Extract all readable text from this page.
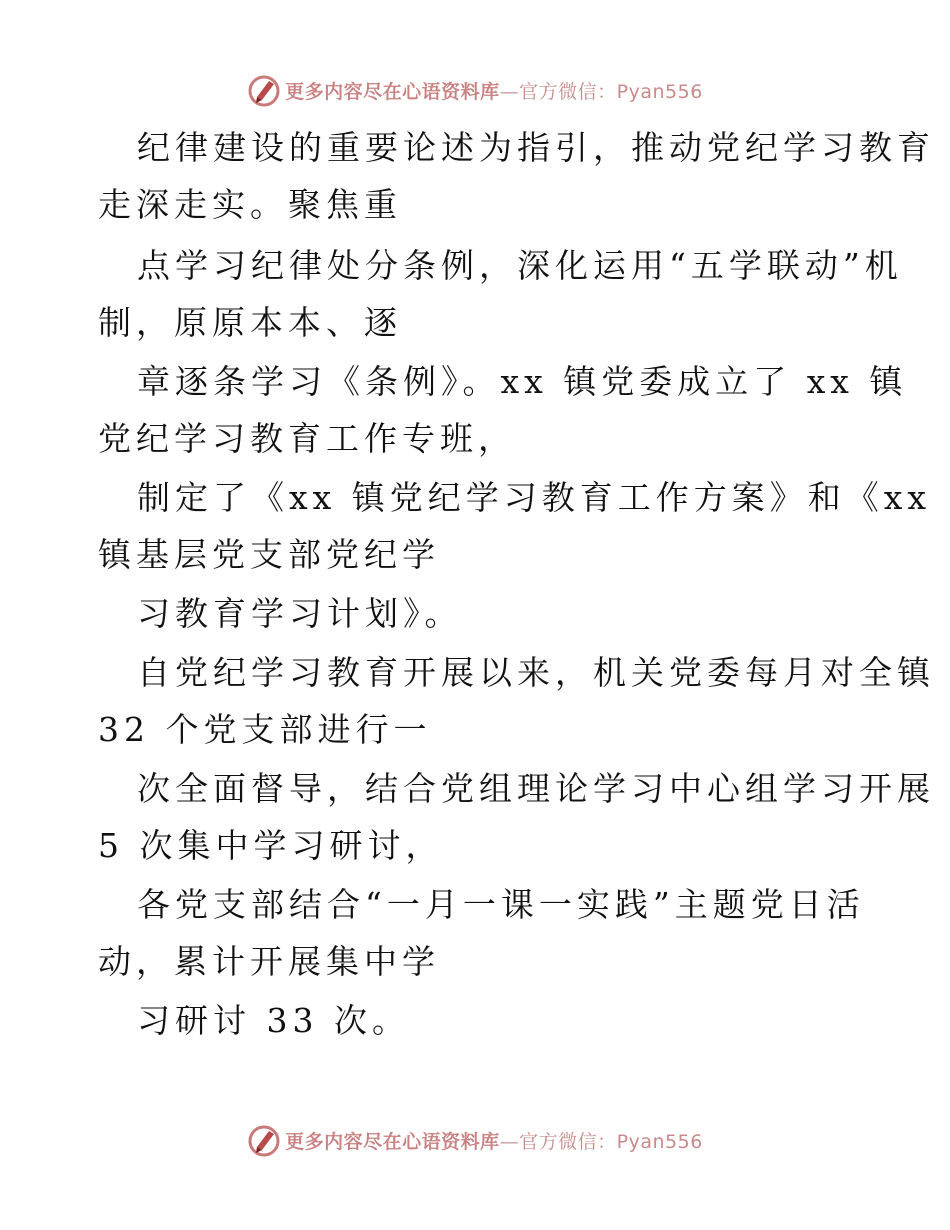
更多内容尽在心语资料库—官方微信：Pyan556
纪律建设的重要论述为指引，推动党纪学习教育
走深走实。聚焦重
点学习纪律处分条例，深化运用“五学联动”机
制，原原本本、逐
章逐条学习《条例》。xx 镇党委成立了 xx 镇
党纪学习教育工作专班，
制定了《xx 镇党纪学习教育工作方案》和《xx
镇基层党支部党纪学
习教育学习计划》。
自党纪学习教育开展以来，机关党委每月对全镇
32 个党支部进行一
次全面督导，结合党组理论学习中心组学习开展
5 次集中学习研讨，
各党支部结合“一月一课一实践”主题党日活
动，累计开展集中学
习研讨 33 次。
更多内容尽在心语资料库—官方微信：Pyan556
